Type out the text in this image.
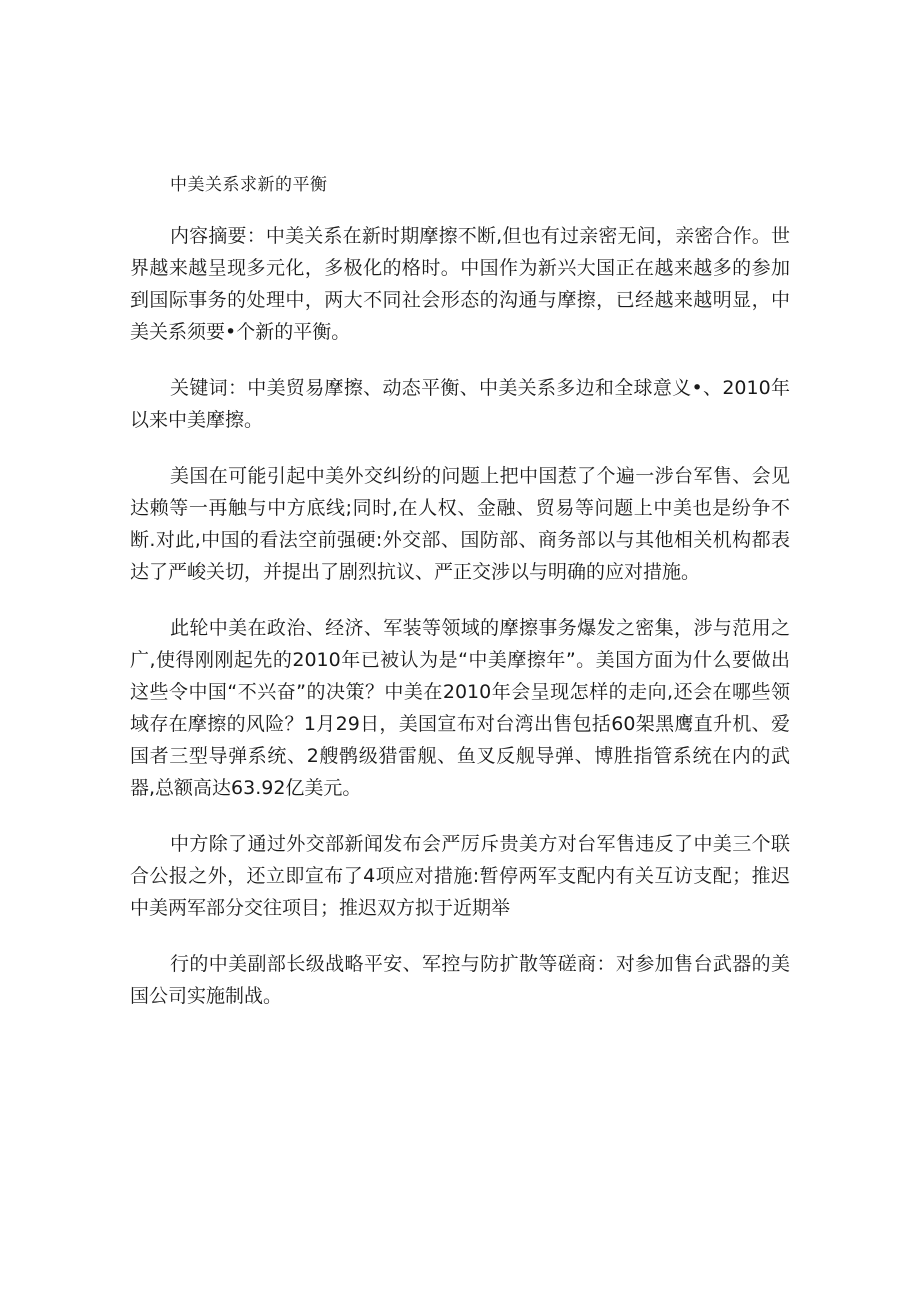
中美关系求新的平衡

内容摘要：中美关系在新时期摩擦不断,但也有过亲密无间，亲密合作。世界越来越呈现多元化，多极化的格时。中国作为新兴大国正在越来越多的参加到国际事务的处理中，两大不同社会形态的沟通与摩擦，已经越来越明显，中美关系须要•个新的平衡。

关键词：中美贸易摩擦、动态平衡、中美关系多边和全球意义•、2010年以来中美摩擦。

美国在可能引起中美外交纠纷的问题上把中国惹了个遍一涉台军售、会见达赖等一再触与中方底线;同时,在人权、金融、贸易等问题上中美也是纷争不断.对此,中国的看法空前强硬:外交部、国防部、商务部以与其他相关机构都表达了严峻关切，并提出了剧烈抗议、严正交涉以与明确的应对措施。

此轮中美在政治、经济、军装等领域的摩擦事务爆发之密集，涉与范用之广,使得刚刚起先的2010年已被认为是“中美摩擦年”。美国方面为什么要做出这些令中国“不兴奋”的决策？中美在2010年会呈现怎样的走向,还会在哪些领域存在摩擦的风险？1月29日，美国宣布对台湾出售包括60架黑鹰直升机、爱国者三型导弹系统、2艘鹘级猎雷舰、鱼叉反舰导弹、博胜指管系统在内的武器,总额高达63.92亿美元。

中方除了通过外交部新闻发布会严厉斥贵美方对台军售违反了中美三个联合公报之外，还立即宣布了4项应对措施:暂停两军支配内有关互访支配；推迟中美两军部分交往项目；推迟双方拟于近期举

行的中美副部长级战略平安、军控与防扩散等磋商：对参加售台武器的美国公司实施制战。
